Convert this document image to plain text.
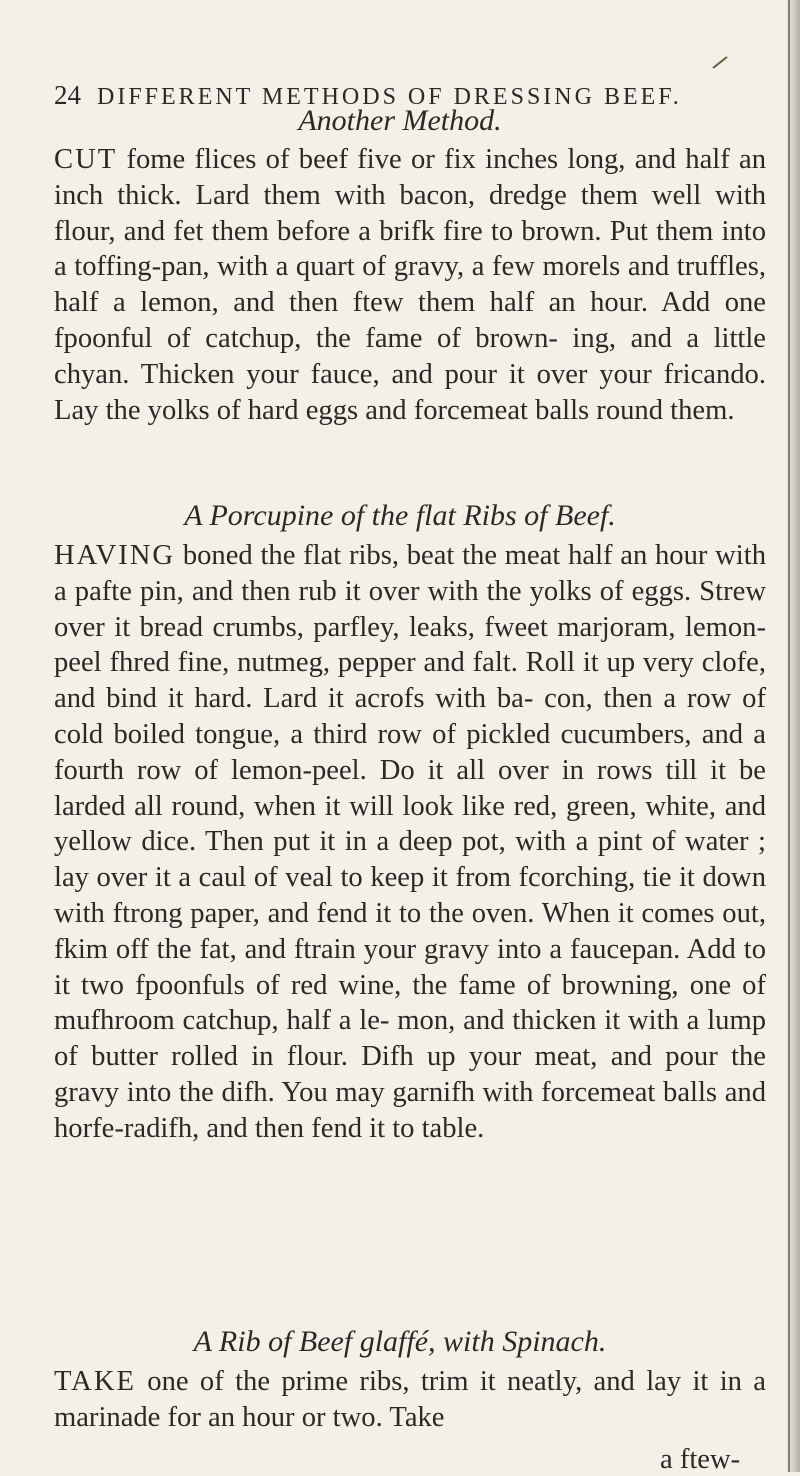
24 DIFFERENT METHODS OF DRESSING BEEF.
Another Method.

CUT fome flices of beef five or fix inches long, and half an inch thick. Lard them with bacon, dredge them well with flour, and fet them before a brifk fire to brown. Put them into a toffing-pan, with a quart of gravy, a few morels and truffles, half a lemon, and then ftew them half an hour. Add one fpoonful of catchup, the fame of brown- ing, and a little chyan. Thicken your fauce, and pour it over your fricando. Lay the yolks of hard eggs and forcemeat balls round them.

A Porcupine of the flat Ribs of Beef.

HAVING boned the flat ribs, beat the meat half an hour with a pafte pin, and then rub it over with the yolks of eggs. Strew over it bread crumbs, parfley, leaks, fweet marjoram, lemon-peel fhred fine, nutmeg, pepper and falt. Roll it up very clofe, and bind it hard. Lard it acrofs with ba- con, then a row of cold boiled tongue, a third row of pickled cucumbers, and a fourth row of lemon-peel. Do it all over in rows till it be larded all round, when it will look like red, green, white, and yellow dice. Then put it in a deep pot, with a pint of water ; lay over it a caul of veal to keep it from fcorching, tie it down with ftrong paper, and fend it to the oven. When it comes out, fkim off the fat, and ftrain your gravy into a faucepan. Add to it two fpoonfuls of red wine, the fame of browning, one of mufhroom catchup, half a le- mon, and thicken it with a lump of butter rolled in flour. Difh up your meat, and pour the gravy into the difh. You may garnifh with forcemeat balls and horfe-radifh, and then fend it to table.

A Rib of Beef glaffé, with Spinach.

TAKE one of the prime ribs, trim it neatly, and lay it in a marinade for an hour or two. Take

a ftew-
